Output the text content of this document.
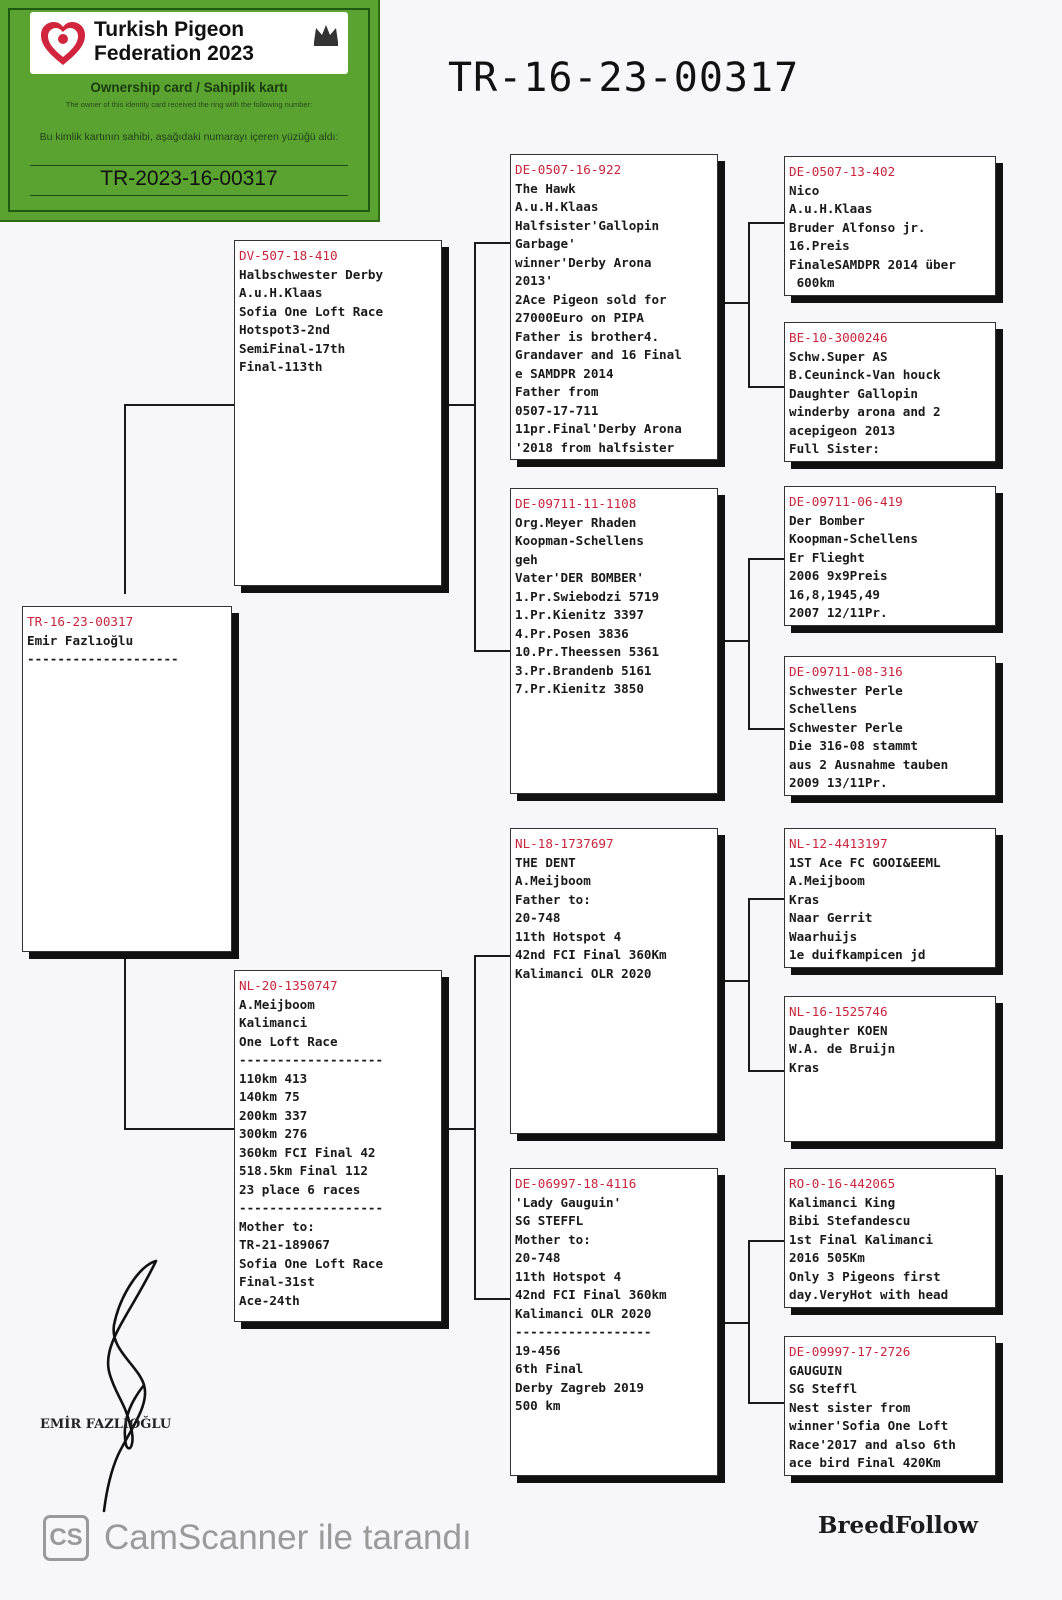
Turkish Pigeon
Federation 2023
Ownership card / Sahiplik kartı
The owner of this identity card received the ring with the following number:
Bu kimlik kartının sahibi, aşağıdaki numarayı içeren yüzüğü aldı:
TR-2023-16-00317
TR-16-23-00317
TR-16-23-00317
Emir Fazlıoğlu
--------------------
DV-507-18-410
Halbschwester Derby
A.u.H.Klaas
Sofia One Loft Race
Hotspot3-2nd
SemiFinal-17th
Final-113th
NL-20-1350747
A.Meijboom
Kalimanci
One Loft Race
-------------------
110km 413
140km 75
200km 337
300km 276
360km FCI Final 42
518.5km Final 112
23 place 6 races
-------------------
Mother to:
TR-21-189067
Sofia One Loft Race
Final-31st
Ace-24th
DE-0507-16-922
The Hawk
A.u.H.Klaas
Halfsister'Gallopin
Garbage'
winner'Derby Arona
2013'
2Ace Pigeon sold for
27000Euro on PIPA
Father is brother4.
Grandaver and 16 Final
e SAMDPR 2014
Father from
0507-17-711
11pr.Final'Derby Arona
'2018 from halfsister
DE-09711-11-1108
Org.Meyer Rhaden
Koopman-Schellens
geh
Vater'DER BOMBER'
1.Pr.Swiebodzi 5719
1.Pr.Kienitz 3397
4.Pr.Posen 3836
10.Pr.Theessen 5361
3.Pr.Brandenb 5161
7.Pr.Kienitz 3850
NL-18-1737697
THE DENT
A.Meijboom
Father to:
20-748
11th Hotspot 4
42nd FCI Final 360Km
Kalimanci OLR 2020
DE-06997-18-4116
'Lady Gauguin'
SG STEFFL
Mother to:
20-748
11th Hotspot 4
42nd FCI Final 360km
Kalimanci OLR 2020
------------------
19-456
6th Final
Derby Zagreb 2019
500 km
DE-0507-13-402
Nico
A.u.H.Klaas
Bruder Alfonso jr.
16.Preis
FinaleSAMDPR 2014 über
600km
BE-10-3000246
Schw.Super AS
B.Ceuninck-Van houck
Daughter Gallopin
winderby arona and 2
acepigeon 2013
Full Sister:
DE-09711-06-419
Der Bomber
Koopman-Schellens
Er Flieght
2006 9x9Preis
16,8,1945,49
2007 12/11Pr.
DE-09711-08-316
Schwester Perle
Schellens
Schwester Perle
Die 316-08 stammt
aus 2 Ausnahme tauben
2009 13/11Pr.
NL-12-4413197
1ST Ace FC GOOI&EEML
A.Meijboom
Kras
Naar Gerrit
Waarhuijs
1e duifkampicen jd
NL-16-1525746
Daughter KOEN
W.A. de Bruijn
Kras
RO-0-16-442065
Kalimanci King
Bibi Stefandescu
1st Final Kalimanci
2016 505Km
Only 3 Pigeons first
day.VeryHot with head
DE-09997-17-2726
GAUGUIN
SG Steffl
Nest sister from
winner'Sofia One Loft
Race'2017 and also 6th
ace bird Final 420Km
EMİR FAZLIOĞLU
BreedFollow
CS CamScanner ile tarandı
